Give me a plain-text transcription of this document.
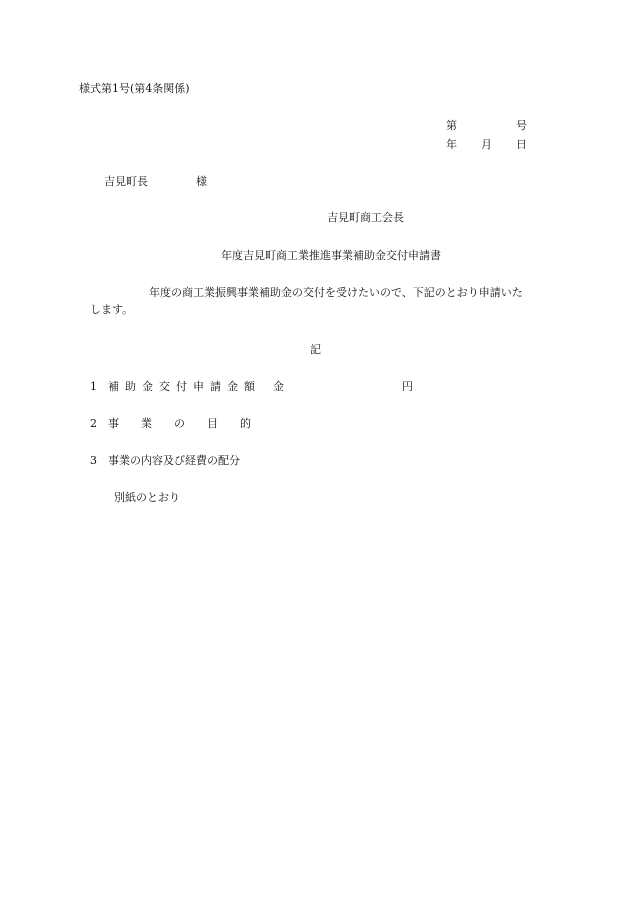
様式第1号(第4条関係)
第	号
年 月 日
吉見町長	様
吉見町商工会長
年度吉見町商工業推進事業補助金交付申請書
年度の商工業振興事業補助金の交付を受けたいので、下記のとおり申請いた
します。
記
1 補助金交付申請金額 金	円
2 事業の目的
3 事業の内容及び経費の配分
別紙のとおり
